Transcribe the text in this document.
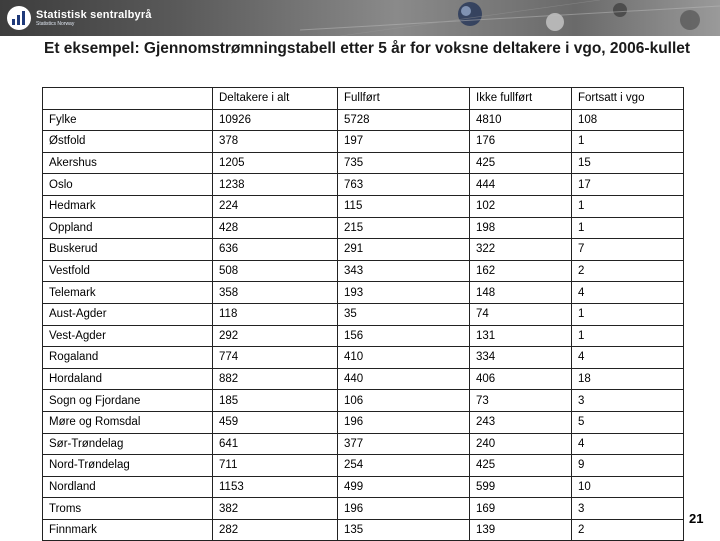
Statistisk sentralbyrå
Statistics Norway
Et eksempel: Gjennomstrømningstabell etter 5 år for voksne deltakere i vgo, 2006-kullet
	Deltakere i alt	Fullført	Ikke fullført	Fortsatt i vgo
Fylke	10926	5728	4810	108
Østfold	378	197	176	1
Akershus	1205	735	425	15
Oslo	1238	763	444	17
Hedmark	224	115	102	1
Oppland	428	215	198	1
Buskerud	636	291	322	7
Vestfold	508	343	162	2
Telemark	358	193	148	4
Aust-Agder	118	35	74	1
Vest-Agder	292	156	131	1
Rogaland	774	410	334	4
Hordaland	882	440	406	18
Sogn og Fjordane	185	106	73	3
Møre og Romsdal	459	196	243	5
Sør-Trøndelag	641	377	240	4
Nord-Trøndelag	711	254	425	9
Nordland	1153	499	599	10
Troms	382	196	169	3
Finnmark	282	135	139	2
21
